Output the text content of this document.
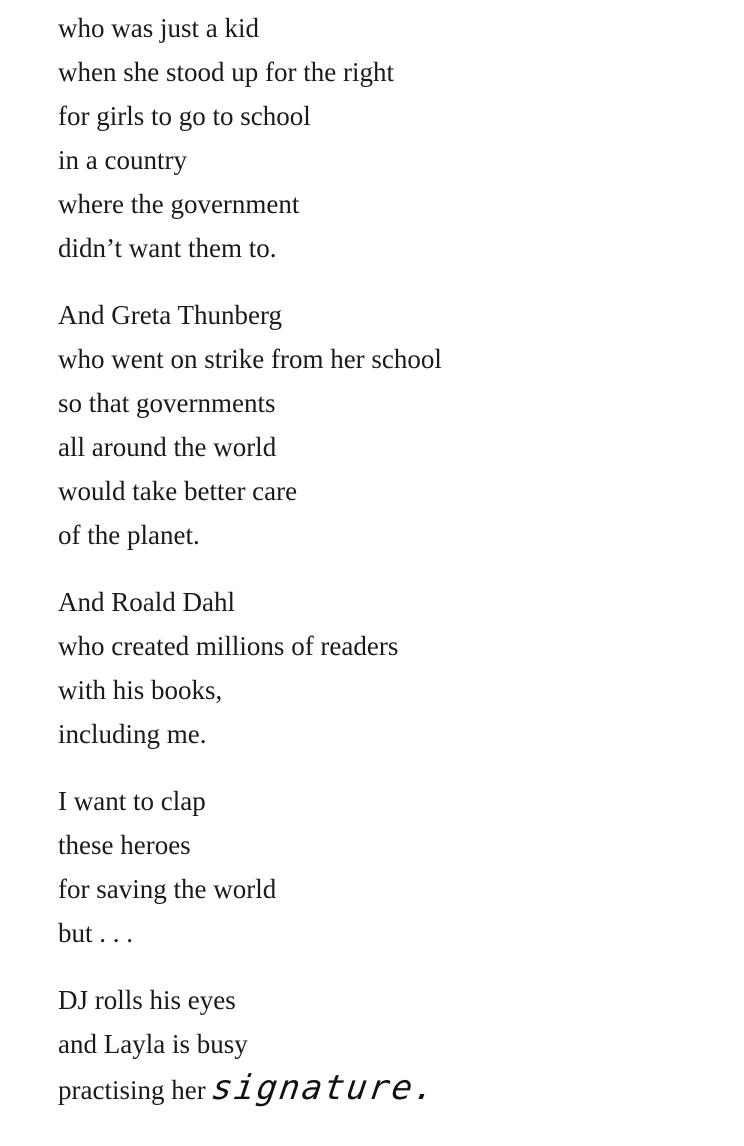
who was just a kid
when she stood up for the right
for girls to go to school
in a country
where the government
didn’t want them to.
And Greta Thunberg
who went on strike from her school
so that governments
all around the world
would take better care
of the planet.
And Roald Dahl
who created millions of readers
with his books,
including me.
I want to clap
these heroes
for saving the world
but . . .
DJ rolls his eyes
and Layla is busy
practising hersignature.
